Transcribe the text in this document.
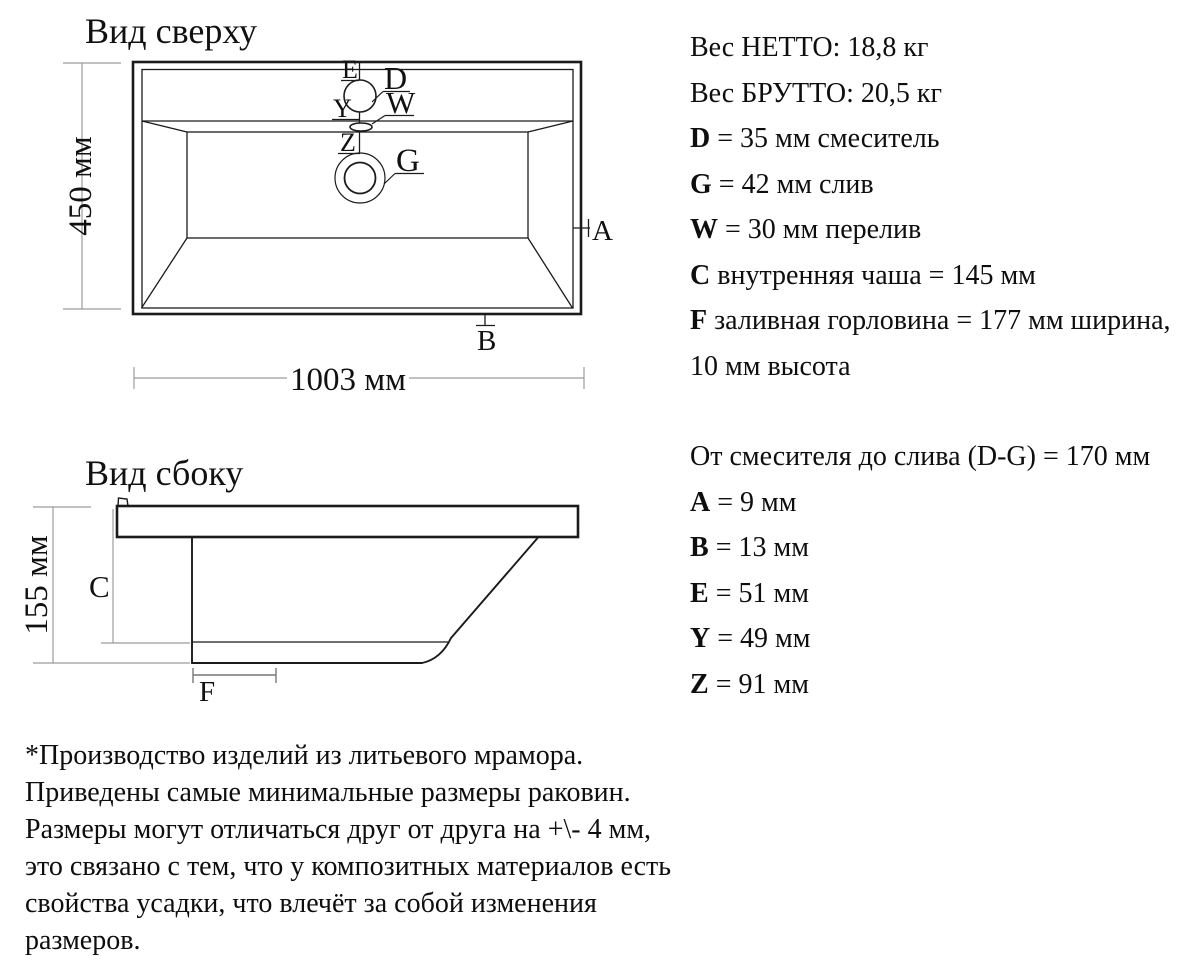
E D
Y W
Z
G
A
B
450 мм
1003 мм
C
F
155 мм
Вид сверху
Вид сбоку
Вес НЕТТО: 18,8 кг
Вес БРУТТО: 20,5 кг
D = 35 мм смеситель
G = 42 мм слив
W = 30 мм перелив
C внутренняя чаша = 145 мм
F заливная горловина = 177 мм ширина,
10 мм высота
От смесителя до слива (D-G) = 170 мм
A = 9 мм
B = 13 мм
E = 51 мм
Y = 49 мм
Z = 91 мм
*Производство изделий из литьевого мрамора.
Приведены самые минимальные размеры раковин.
Размеры могут отличаться друг от друга на +\- 4 мм,
это связано с тем, что у композитных материалов есть
свойства усадки, что влечёт за собой изменения
размеров.
